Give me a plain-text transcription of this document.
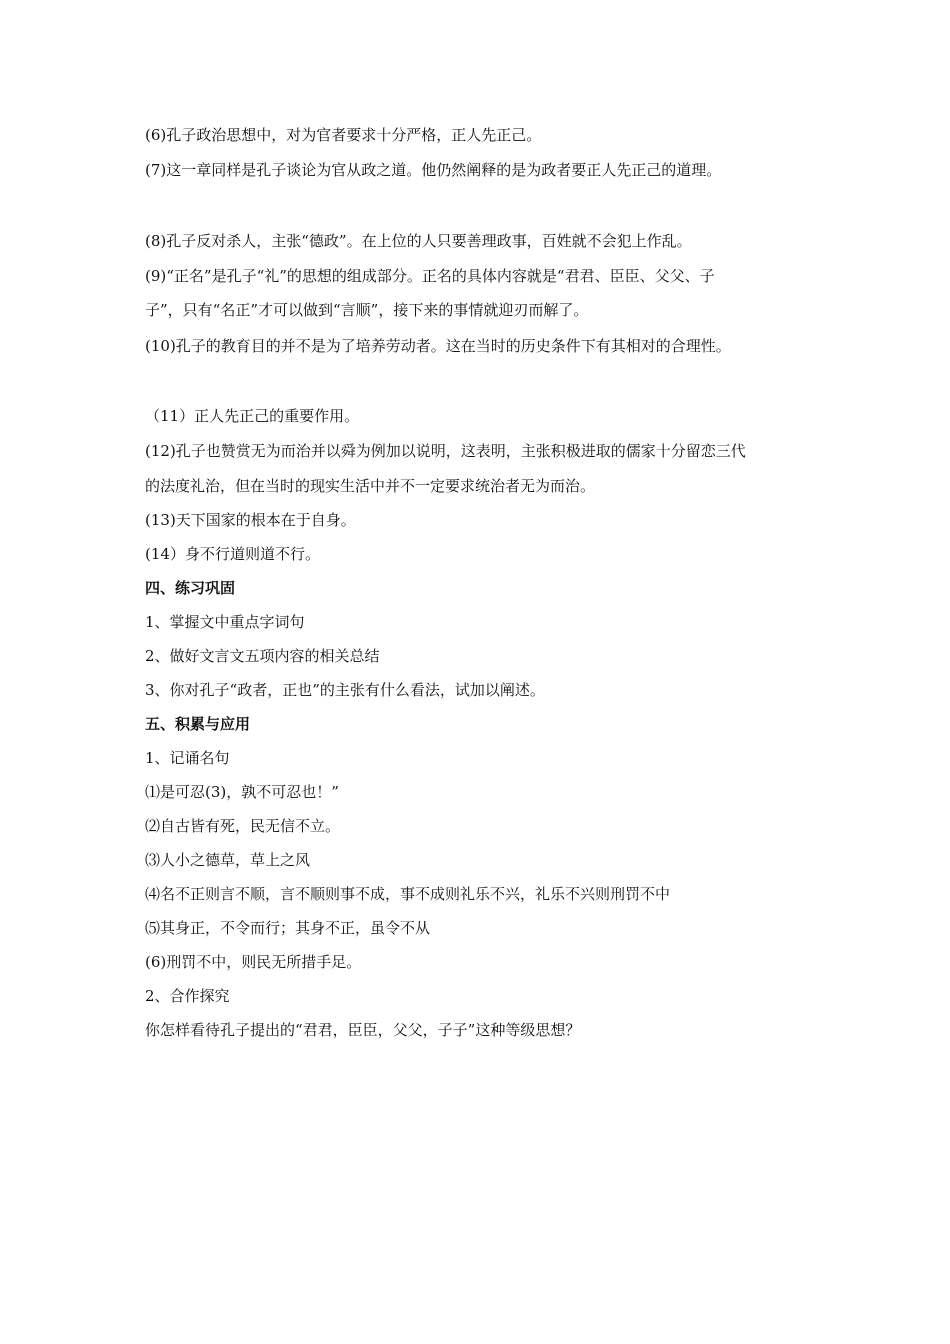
(6)孔子政治思想中，对为官者要求十分严格，正人先正己。
(7)这一章同样是孔子谈论为官从政之道。他仍然阐释的是为政者要正人先正己的道理。
(8)孔子反对杀人，主张“德政”。在上位的人只要善理政事，百姓就不会犯上作乱。
(9)“正名”是孔子“礼”的思想的组成部分。正名的具体内容就是“君君、臣臣、父父、子
子”，只有“名正”才可以做到“言顺”，接下来的事情就迎刃而解了。
(10)孔子的教育目的并不是为了培养劳动者。这在当时的历史条件下有其相对的合理性。
（11）正人先正己的重要作用。
(12)孔子也赞赏无为而治并以舜为例加以说明，这表明，主张积极进取的儒家十分留恋三代
的法度礼治，但在当时的现实生活中并不一定要求统治者无为而治。
(13)天下国家的根本在于自身。
(14）身不行道则道不行。
四、练习巩固
1、掌握文中重点字词句
2、做好文言文五项内容的相关总结
3、你对孔子“政者，正也”的主张有什么看法，试加以阐述。
五、积累与应用
1、记诵名句
⑴是可忍(3)，孰不可忍也！”
⑵自古皆有死，民无信不立。
⑶人小之德草，草上之风
⑷名不正则言不顺，言不顺则事不成，事不成则礼乐不兴，礼乐不兴则刑罚不中
⑸其身正，不令而行；其身不正，虽令不从
(6)刑罚不中，则民无所措手足。
2、合作探究
你怎样看待孔子提出的“君君，臣臣，父父，子子”这种等级思想？
